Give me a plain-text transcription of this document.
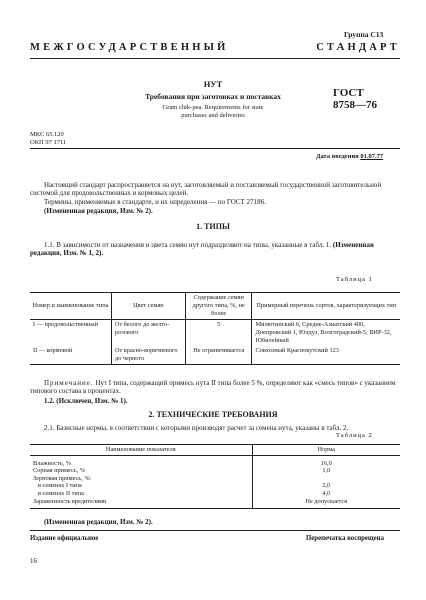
Группа С13
МЕЖГОСУДАРСТВЕННЫЙ	СТАНДАРТ
НУТ
ГОСТ
8758—76
Требования при заготовках и поставках
Gram chik-pea. Requirements for state
purchases and deliveries
МКС 65.120
ОКП 97 1711
Дата введения 01.07.77
Настоящий стандарт распространяется на нут, заготовляемый и поставляемый государственной заготовительной системой для продовольственных и кормовых целей.
Термины, применяемые в стандарте, и их определения — по ГОСТ 27186.
(Измененная редакция, Изм. № 2).
1. ТИПЫ
1.1. В зависимости от назначения и цвета семян нут подразделяют на типы, указанные в табл. 1. (Измененная редакция, Изм. № 1, 2).
Таблица 1
Номер и наименование типа	Цвет семян	Содержание семян другого типа, %, не более	Примерный перечень сортов, характеризующих тип
I — продовольственный	От белого до желто-розового	5	Милютинский 6, Средне-Азиатский 400, Днепровский 1, Юлдуз, Волгоградский-5, ВИР-32, Юбилейный
II — кормовой	От красно-коричневого до черного	Не ограничивается	Совхозный Краснокутский 123
Примечание. Нут I типа, содержащий примесь нута II типа более 5 %, определяют как «смесь типов» с указанием типового состава в процентах.
1.2. (Исключен, Изм. № 1).
2. ТЕХНИЧЕСКИЕ ТРЕБОВАНИЯ
2.1. Базисные нормы, в соответствии с которыми производят расчет за семена нута, указаны в табл. 2.
Таблица 2
Наименование показателя	Норма
Влажность, %	16,0
Сорная примесь, %	1,0
Зерновая примесь, %:	
в семенах I типа	2,0
в семенах II типа	4,0
Зараженность вредителями	Не допускается
(Измененная редакция, Изм. № 2).
Издание официальное	Перепечатка воспрещена
16
